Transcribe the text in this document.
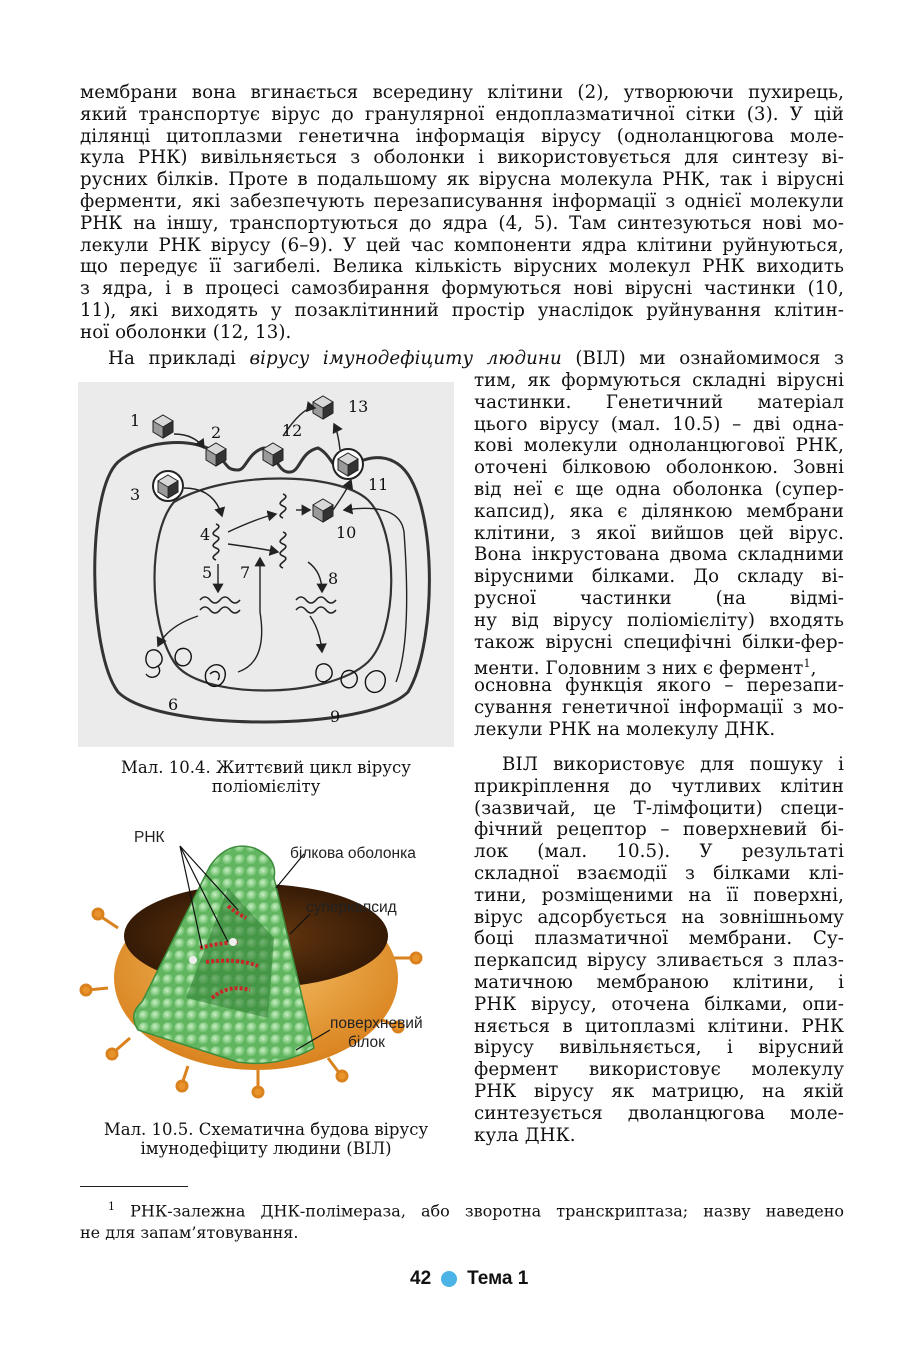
мембрани вона вгинається всередину клітини (2), утворюючи пухирець,
який транспортує вірус до гранулярної ендоплазматичної сітки (3). У цій
ділянці цитоплазми генетична інформація вірусу (одноланцюгова моле-
кула РНК) вивільняється з оболонки і використовується для синтезу ві-
русних білків. Проте в подальшому як вірусна молекула РНК, так і вірусні
ферменти, які забезпечують перезаписування інформації з однієї молекули
РНК на іншу, транспортуються до ядра (4, 5). Там синтезуються нові мо-
лекули РНК вірусу (6–9). У цей час компоненти ядра клітини руйнуються,
що передує її загибелі. Велика кількість вірусних молекул РНК виходить
з ядра, і в процесі самозбирання формуються нові вірусні частинки (10,
11), які виходять у позаклітинний простір унаслідок руйнування клітин-
ної оболонки (12, 13).
На прикладі вірусу імунодефіциту людини (ВІЛ) ми ознайомимося з
тим, як формуються складні вірусні
частинки. Генетичний матеріал
цього вірусу (мал. 10.5) – дві одна-
кові молекули одноланцюгової РНК,
оточені білковою оболонкою. Зовні
від неї є ще одна оболонка (супер-
капсид), яка є ділянкою мембрани
клітини, з якої вийшов цей вірус.
Вона інкрустована двома складними
вірусними білками. До складу ві-
русної частинки (на відмі-
ну від вірусу поліомієліту) входять
також вірусні специфічні білки-фер-
менти. Головним з них є фермент$^1$,
основна функція якого – перезапи-
сування генетичної інформації з мо-
лекули РНК на молекулу ДНК.
ВІЛ використовує для пошуку і
прикріплення до чутливих клітин
(зазвичай, це Т-лімфоцити) специ-
фічний рецептор – поверхневий бі-
лок (мал. 10.5). У результаті
складної взаємодії з білками клі-
тини, розміщеними на її поверхні,
вірус адсорбується на зовнішньому
боці плазматичної мембрани. Су-
перкапсид вірусу зливається з плаз-
матичною мембраною клітини, і
РНК вірусу, оточена білками, опи-
няється в цитоплазмі клітини. РНК
вірусу вивільняється, і вірусний
фермент використовує молекулу
РНК вірусу як матрицю, на якій
синтезується дволанцюгова моле-
кула ДНК.
1
2
3
4
5
6
7	8
9
10
11
12
13
Мал. 10.4. Життєвий цикл вірусу
поліомієліту
РНК
білкова оболонка
суперкапсид
поверхневий
білок
Мал. 10.5. Схематична будова вірусу
імунодефіциту людини (ВІЛ)
$^1$ РНК-залежна ДНК-полімераза, або зворотна транскриптаза; назву наведено
не для запам’ятовування.
42 Тема 1
